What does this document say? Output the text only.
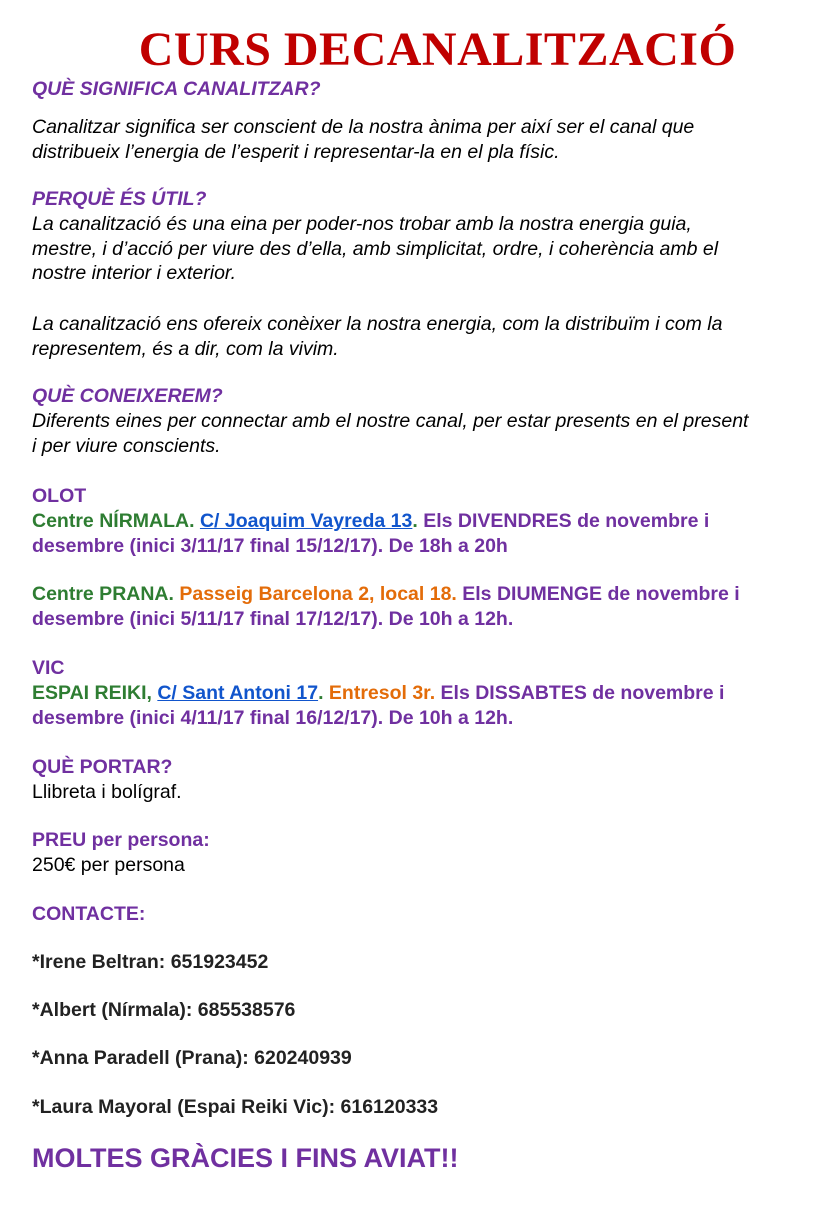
CURS DECANALITZACIÓ
QUÈ SIGNIFICA CANALITZAR?
Canalitzar significa ser conscient de la nostra ànima per així ser el canal que
distribueix l’energia de l’esperit i representar-la en el pla físic.
PERQUÈ ÉS ÚTIL?
La canalització és una eina per poder-nos trobar amb la nostra energia guia,
mestre, i d’acció per viure des d’ella, amb simplicitat, ordre, i coherència amb el
nostre interior i exterior.
La canalització ens ofereix conèixer la nostra energia, com la distribuïm i com la
representem, és a dir, com la vivim.
QUÈ CONEIXEREM?
Diferents eines per connectar amb el nostre canal, per estar presents en el present
i per viure conscients.
OLOT
Centre NÍRMALA. C/ Joaquim Vayreda 13. Els DIVENDRES de novembre i
desembre (inici 3/11/17 final 15/12/17). De 18h a 20h
Centre PRANA. Passeig Barcelona 2, local 18. Els DIUMENGE de novembre i
desembre (inici 5/11/17 final 17/12/17). De 10h a 12h.
VIC
ESPAI REIKI, C/ Sant Antoni 17. Entresol 3r. Els DISSABTES de novembre i
desembre (inici 4/11/17 final 16/12/17). De 10h a 12h.
QUÈ PORTAR?
Llibreta i bolígraf.
PREU per persona:
250€ per persona
CONTACTE:
*Irene Beltran: 651923452
*Albert (Nírmala): 685538576
*Anna Paradell (Prana): 620240939
*Laura Mayoral (Espai Reiki Vic): 616120333
MOLTES GRÀCIES I FINS AVIAT!!
